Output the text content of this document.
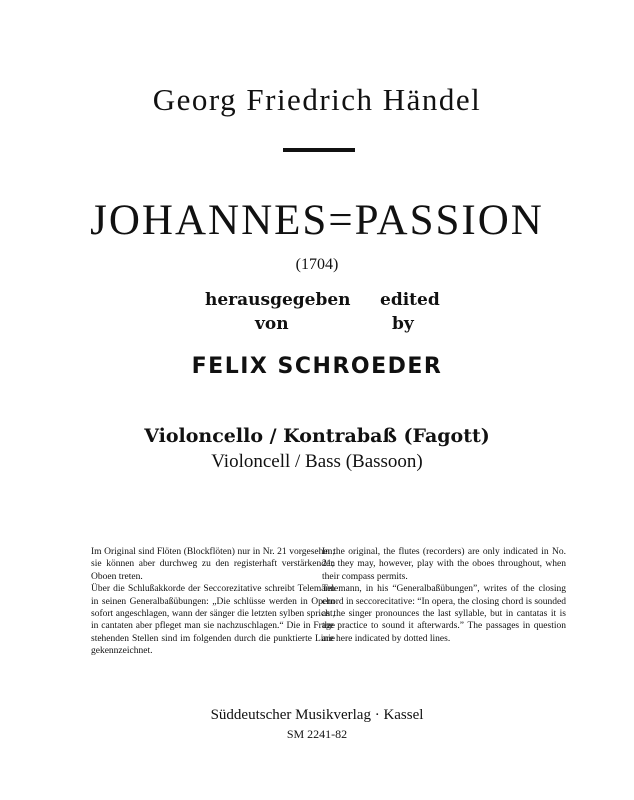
Georg Friedrich Händel
JOHANNES=PASSION
(1704)
herausgegeben
von
edited
by
FELIX SCHROEDER
Violoncello / Kontrabaß (Fagott)
Violoncell / Bass (Bassoon)

Im Original sind Flöten (Blockflöten) nur in Nr. 21 vorgesehen; sie können aber durchweg zu den registerhaft verstärkenden Oboen treten.

Über die Schlußakkorde der Seccorezitative schreibt Telemann in seinen Generalbaßübungen: „Die schlüsse werden in Opern sofort angeschlagen, wann der sänger die letzten sylben spricht, in cantaten aber pfleget man sie nachzuschlagen.“ Die in Frage stehenden Stellen sind im folgenden durch die punktierte Linie gekennzeichnet.

In the original, the flutes (recorders) are only indicated in No. 21; they may, however, play with the oboes throughout, when their compass permits.

Telemann, in his “Generalbaßübungen”, writes of the closing chord in seccorecitative: “In opera, the closing chord is sounded as the singer pronounces the last syllable, but in cantatas it is the practice to sound it afterwards.” The passages in question are here indicated by dotted lines.

Süddeutscher Musikverlag · Kassel
SM 2241-82
